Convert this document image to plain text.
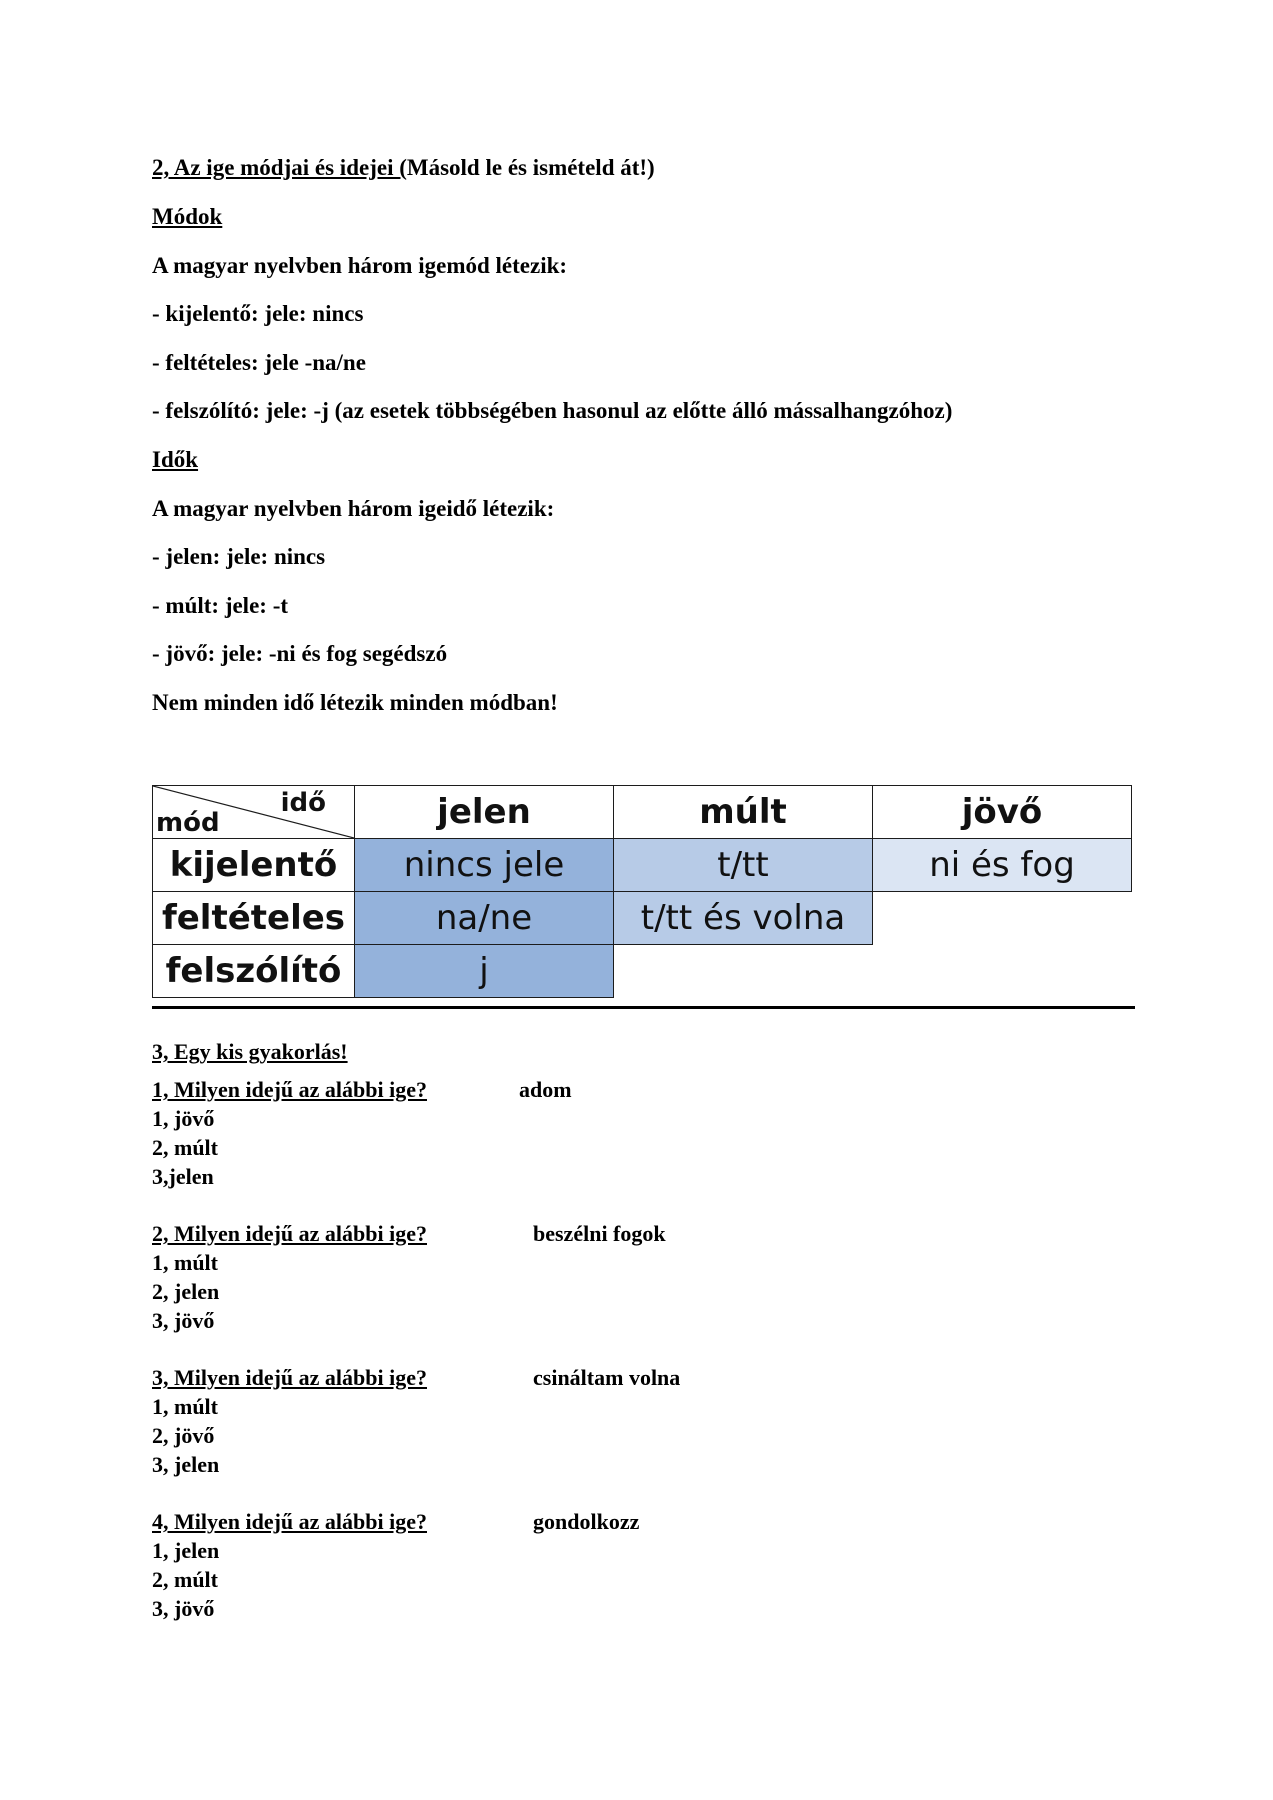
2, Az ige módjai és idejei (Másold le és ismételd át!)
Módok
A magyar nyelvben három igemód létezik:
- kijelentő: jele: nincs
- feltételes: jele -na/ne
- felszólító: jele: -j (az esetek többségében hasonul az előtte álló mássalhangzóhoz)
Idők
A magyar nyelvben három igeidő létezik:
- jelen: jele: nincs
- múlt: jele: -t
- jövő: jele: -ni és fog segédszó
Nem minden idő létezik minden módban!
idő
mód	jelen	múlt	jövő
kijelentő	nincs jele	t/tt	ni és fog
feltételes	na/ne	t/tt és volna
felszólító	j
3, Egy kis gyakorlás!
1, Milyen idejű az alábbi ige?	adom
1, jövő
2, múlt
3,jelen
2, Milyen idejű az alábbi ige?	beszélni fogok
1, múlt
2, jelen
3, jövő
3, Milyen idejű az alábbi ige?	csináltam volna
1, múlt
2, jövő
3, jelen
4, Milyen idejű az alábbi ige?	gondolkozz
1, jelen
2, múlt
3, jövő
